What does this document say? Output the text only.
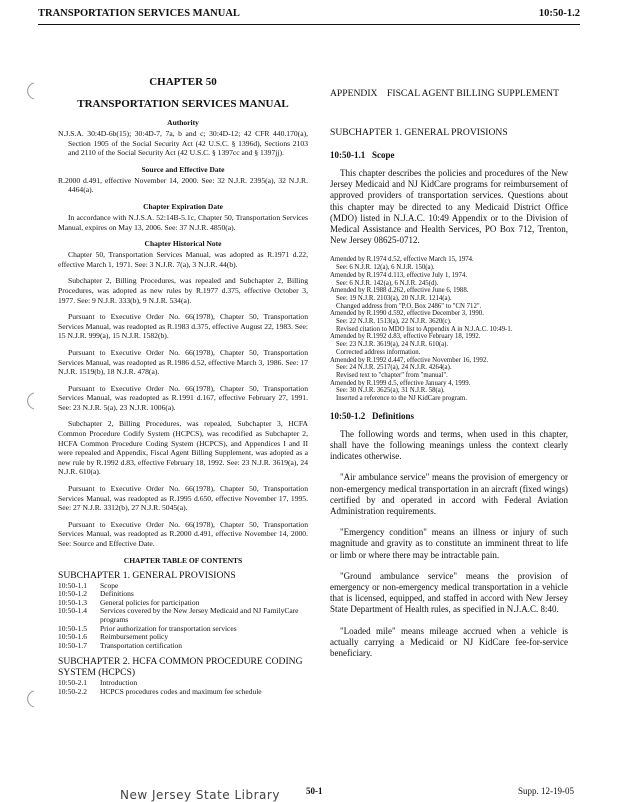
TRANSPORTATION SERVICES MANUAL	10:50-1.2
CHAPTER 50
TRANSPORTATION SERVICES MANUAL
Authority

N.J.S.A. 30:4D-6b(15); 30:4D-7, 7a, b and c; 30:4D-12; 42 CFR 440.170(a), Section 1905 of the Social Security Act (42 U.S.C. § 1396d), Sections 2103 and 2110 of the Social Security Act (42 U.S.C. § 1397cc and § 1397jj).

Source and Effective Date

R.2000 d.491, effective November 14, 2000. See: 32 N.J.R. 2395(a), 32 N.J.R. 4464(a).

Chapter Expiration Date

In accordance with N.J.S.A. 52:14B-5.1c, Chapter 50, Transportation Services Manual, expires on May 13, 2006. See: 37 N.J.R. 4850(a).

Chapter Historical Note

Chapter 50, Transportation Services Manual, was adopted as R.1971 d.22, effective March 1, 1971. See: 3 N.J.R. 7(a), 3 N.J.R. 44(b).

Subchapter 2, Billing Procedures, was repealed and Subchapter 2, Billing Procedures, was adopted as new rules by R.1977 d.375, effective October 3, 1977. See: 9 N.J.R. 333(b), 9 N.J.R. 534(a).

Pursuant to Executive Order No. 66(1978), Chapter 50, Transportation Services Manual, was readopted as R.1983 d.375, effective August 22, 1983. See: 15 N.J.R. 999(a), 15 N.J.R. 1582(b).

Pursuant to Executive Order No. 66(1978), Chapter 50, Transportation Services Manual, was readopted as R.1986 d.52, effective March 3, 1986. See: 17 N.J.R. 1519(b), 18 N.J.R. 478(a).

Pursuant to Executive Order No. 66(1978), Chapter 50, Transportation Services Manual, was readopted as R.1991 d.167, effective February 27, 1991. See: 23 N.J.R. 5(a), 23 N.J.R. 1006(a).

Subchapter 2, Billing Procedures, was repealed, Subchapter 3, HCFA Common Procedure Codify System (HCPCS), was recodified as Subchapter 2, HCFA Common Procedure Coding System (HCPCS), and Appendices I and II were repealed and Appendix, Fiscal Agent Billing Supplement, was adopted as a new rule by R.1992 d.83, effective February 18, 1992. See: 23 N.J.R. 3619(a), 24 N.J.R. 610(a).

Pursuant to Executive Order No. 66(1978), Chapter 50, Transportation Services Manual, was readopted as R.1995 d.650, effective November 17, 1995. See: 27 N.J.R. 3312(b), 27 N.J.R. 5045(a).

Pursuant to Executive Order No. 66(1978), Chapter 50, Transportation Services Manual, was readopted as R.2000 d.491, effective November 14, 2000. See: Source and Effective Date.

CHAPTER TABLE OF CONTENTS
SUBCHAPTER 1. GENERAL PROVISIONS
10:50-1.1	Scope
10:50-1.2	Definitions
10:50-1.3	General policies for participation
10:50-1.4	Services covered by the New Jersey Medicaid and NJ FamilyCare programs
10:50-1.5	Prior authorization for transportation services
10:50-1.6	Reimbursement policy
10:50-1.7	Transportation certification
SUBCHAPTER 2. HCFA COMMON PROCEDURE CODING SYSTEM (HCPCS)
10:50-2.1	Introduction
10:50-2.2	HCPCS procedures codes and maximum fee schedule
APPENDIX    FISCAL AGENT BILLING SUPPLEMENT
SUBCHAPTER 1. GENERAL PROVISIONS
10:50-1.1   Scope

This chapter describes the policies and procedures of the New Jersey Medicaid and NJ KidCare programs for reimbursement of approved providers of transportation services. Questions about this chapter may be directed to any Medicaid District Office (MDO) listed in N.J.A.C. 10:49 Appendix or to the Division of Medical Assistance and Health Services, PO Box 712, Trenton, New Jersey 08625-0712.

Amended by R.1974 d.52, effective March 15, 1974.
See: 6 N.J.R. 12(a), 6 N.J.R. 150(a).
Amended by R.1974 d.113, effective July 1, 1974.
See: 6 N.J.R. 142(a), 6 N.J.R. 245(d).
Amended by R.1988 d.262, effective June 6, 1988.
See: 19 N.J.R. 2103(a), 20 N.J.R. 1214(a).
Changed address from "P.O. Box 2486" to "CN 712".
Amended by R.1990 d.592, effective December 3, 1990.
See: 22 N.J.R. 1513(a), 22 N.J.R. 3620(c).
Revised citation to MDO list to Appendix A in N.J.A.C. 10:49-1.
Amended by R.1992 d.83, effective February 18, 1992.
See: 23 N.J.R. 3619(a), 24 N.J.R. 610(a).
Corrected address information.
Amended by R.1992 d.447, effective November 16, 1992.
See: 24 N.J.R. 2517(a), 24 N.J.R. 4264(a).
Revised text to "chapter" from "manual".
Amended by R.1999 d.5, effective January 4, 1999.
See: 30 N.J.R. 3625(a), 31 N.J.R. 58(a).
Inserted a reference to the NJ KidCare program.
10:50-1.2   Definitions

The following words and terms, when used in this chapter, shall have the following meanings unless the context clearly indicates otherwise.

"Air ambulance service" means the provision of emergency or non-emergency medical transportation in an aircraft (fixed wings) certified by and operated in accord with Federal Aviation Administration requirements.

"Emergency condition" means an illness or injury of such magnitude and gravity as to constitute an imminent threat to life or limb or where there may be intractable pain.

"Ground ambulance service" means the provision of emergency or non-emergency medical transportation in a vehicle that is licensed, equipped, and staffed in accord with New Jersey State Department of Health rules, as specified in N.J.A.C. 8:40.

"Loaded mile" means mileage accrued when a vehicle is actually carrying a Medicaid or NJ KidCare fee-for-service beneficiary.

50-1	Supp. 12-19-05
New Jersey State Library
